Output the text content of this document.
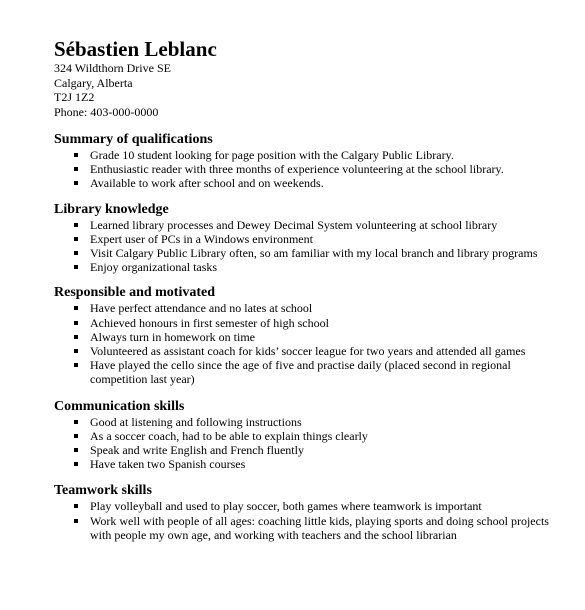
Sébastien Leblanc
324 Wildthorn Drive SE
Calgary, Alberta
T2J 1Z2
Phone: 403-000-0000
Summary of qualifications
Grade 10 student looking for page position with the Calgary Public Library.
Enthusiastic reader with three months of experience volunteering at the school library.
Available to work after school and on weekends.
Library knowledge
Learned library processes and Dewey Decimal System volunteering at school library
Expert user of PCs in a Windows environment
Visit Calgary Public Library often, so am familiar with my local branch and library programs
Enjoy organizational tasks
Responsible and motivated
Have perfect attendance and no lates at school
Achieved honours in first semester of high school
Always turn in homework on time
Volunteered as assistant coach for kids’ soccer league for two years and attended all games
Have played the cello since the age of five and practise daily (placed second in regional competition last year)
Communication skills
Good at listening and following instructions
As a soccer coach, had to be able to explain things clearly
Speak and write English and French fluently
Have taken two Spanish courses
Teamwork skills
Play volleyball and used to play soccer, both games where teamwork is important
Work well with people of all ages: coaching little kids, playing sports and doing school projects with people my own age, and working with teachers and the school librarian
